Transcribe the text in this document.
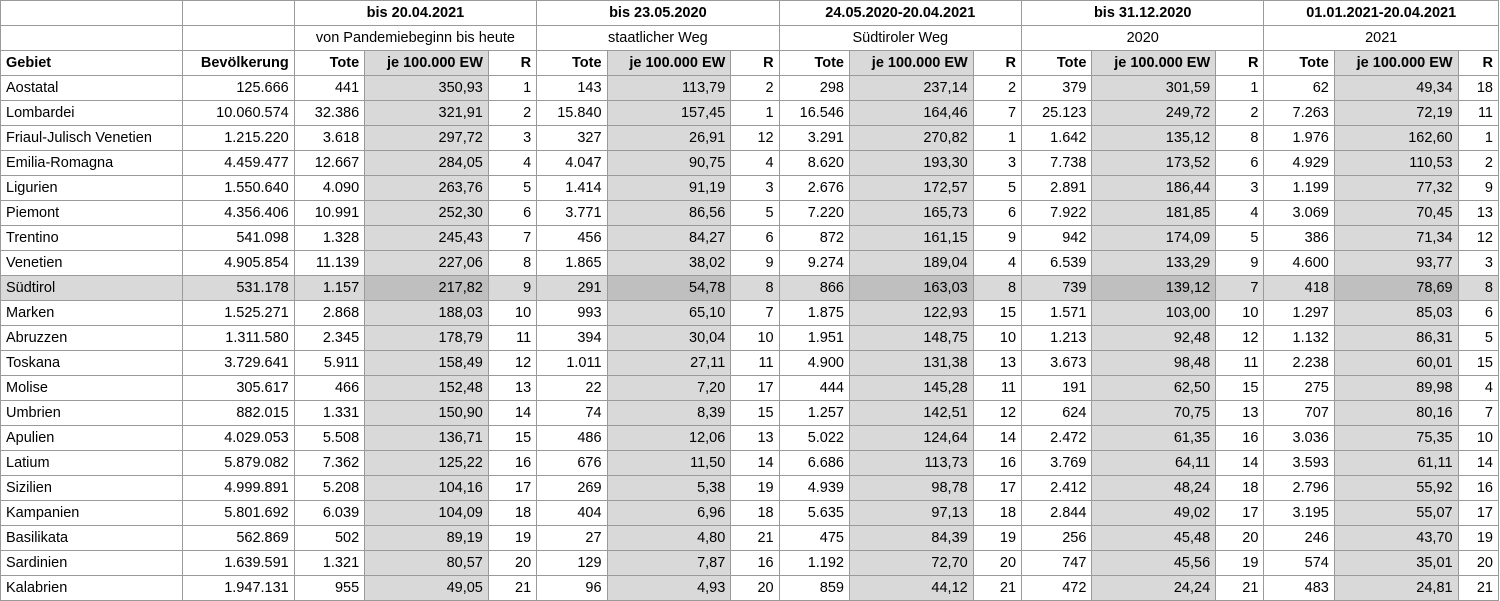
		bis 20.04.2021			bis 23.05.2020			24.05.2020-20.04.2021			bis 31.12.2020			01.01.2021-20.04.2021		
		von Pandemiebeginn bis heute			staatlicher Weg			Südtiroler Weg			2020			2021		
Gebiet	Bevölkerung	Tote	je 100.000 EW	R	Tote	je 100.000 EW	R	Tote	je 100.000 EW	R	Tote	je 100.000 EW	R	Tote	je 100.000 EW	R
Aostatal	125.666	441	350,93	1	143	113,79	2	298	237,14	2	379	301,59	1	62	49,34	18
Lombardei	10.060.574	32.386	321,91	2	15.840	157,45	1	16.546	164,46	7	25.123	249,72	2	7.263	72,19	11
Friaul-Julisch Venetien	1.215.220	3.618	297,72	3	327	26,91	12	3.291	270,82	1	1.642	135,12	8	1.976	162,60	1
Emilia-Romagna	4.459.477	12.667	284,05	4	4.047	90,75	4	8.620	193,30	3	7.738	173,52	6	4.929	110,53	2
Ligurien	1.550.640	4.090	263,76	5	1.414	91,19	3	2.676	172,57	5	2.891	186,44	3	1.199	77,32	9
Piemont	4.356.406	10.991	252,30	6	3.771	86,56	5	7.220	165,73	6	7.922	181,85	4	3.069	70,45	13
Trentino	541.098	1.328	245,43	7	456	84,27	6	872	161,15	9	942	174,09	5	386	71,34	12
Venetien	4.905.854	11.139	227,06	8	1.865	38,02	9	9.274	189,04	4	6.539	133,29	9	4.600	93,77	3
Südtirol	531.178	1.157	217,82	9	291	54,78	8	866	163,03	8	739	139,12	7	418	78,69	8
Marken	1.525.271	2.868	188,03	10	993	65,10	7	1.875	122,93	15	1.571	103,00	10	1.297	85,03	6
Abruzzen	1.311.580	2.345	178,79	11	394	30,04	10	1.951	148,75	10	1.213	92,48	12	1.132	86,31	5
Toskana	3.729.641	5.911	158,49	12	1.011	27,11	11	4.900	131,38	13	3.673	98,48	11	2.238	60,01	15
Molise	305.617	466	152,48	13	22	7,20	17	444	145,28	11	191	62,50	15	275	89,98	4
Umbrien	882.015	1.331	150,90	14	74	8,39	15	1.257	142,51	12	624	70,75	13	707	80,16	7
Apulien	4.029.053	5.508	136,71	15	486	12,06	13	5.022	124,64	14	2.472	61,35	16	3.036	75,35	10
Latium	5.879.082	7.362	125,22	16	676	11,50	14	6.686	113,73	16	3.769	64,11	14	3.593	61,11	14
Sizilien	4.999.891	5.208	104,16	17	269	5,38	19	4.939	98,78	17	2.412	48,24	18	2.796	55,92	16
Kampanien	5.801.692	6.039	104,09	18	404	6,96	18	5.635	97,13	18	2.844	49,02	17	3.195	55,07	17
Basilikata	562.869	502	89,19	19	27	4,80	21	475	84,39	19	256	45,48	20	246	43,70	19
Sardinien	1.639.591	1.321	80,57	20	129	7,87	16	1.192	72,70	20	747	45,56	19	574	35,01	20
Kalabrien	1.947.131	955	49,05	21	96	4,93	20	859	44,12	21	472	24,24	21	483	24,81	21
